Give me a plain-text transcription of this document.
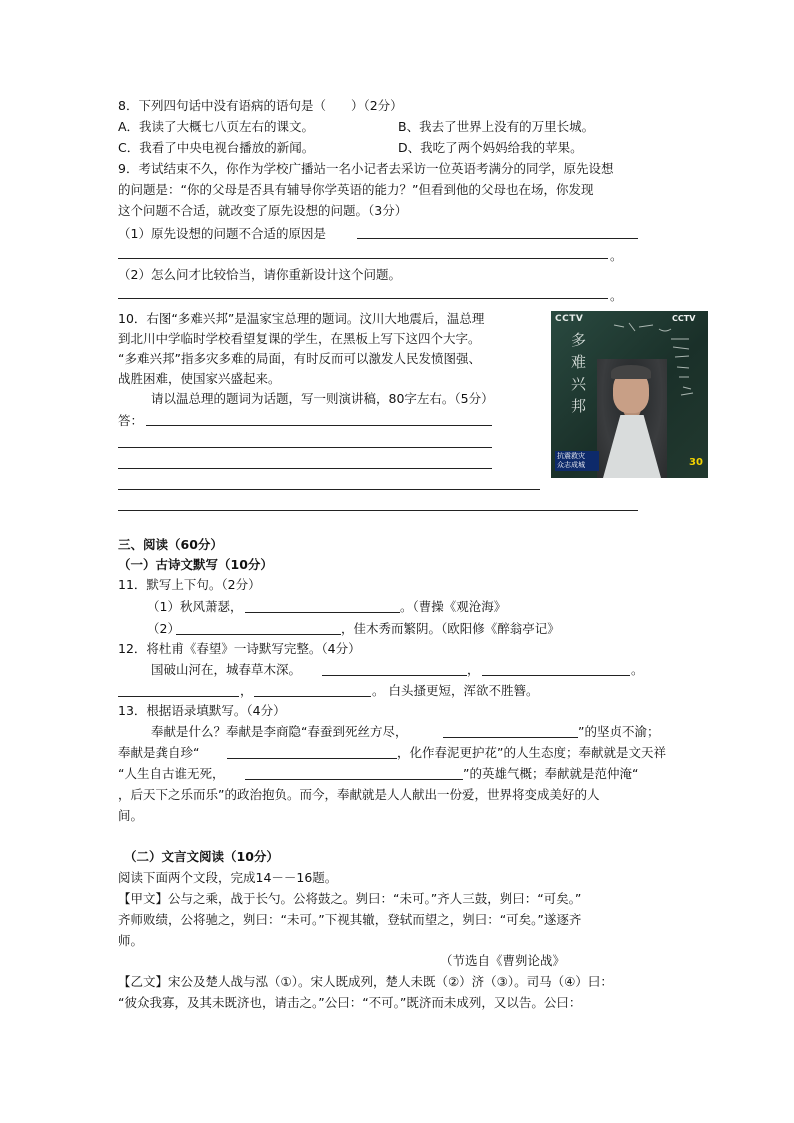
8．下列四句话中没有语病的语句是（　　）（2分）
A．我读了大概七八页左右的课文。	B、我去了世界上没有的万里长城。
C．我看了中央电视台播放的新闻。	D、我吃了两个妈妈给我的苹果。
9．考试结束不久，你作为学校广播站一名小记者去采访一位英语考满分的同学，原先设想
的问题是：“你的父母是否具有辅导你学英语的能力？”但看到他的父母也在场，你发现
这个问题不合适，就改变了原先设想的问题。（3分）
（1）原先设想的问题不合适的原因是
。
（2）怎么问才比较恰当，请你重新设计这个问题。
。
10．右图“多难兴邦”是温家宝总理的题词。汶川大地震后，温总理
到北川中学临时学校看望复课的学生，在黑板上写下这四个大字。
“多难兴邦”指多灾多难的局面，有时反而可以激发人民发愤图强、
战胜困难，使国家兴盛起来。
请以温总理的题词为话题，写一则演讲稿，80字左右。（5分）
答：
CCTV	CCTV
多难兴邦
抗震救灾
众志成城	30
三、阅读（60分）
（一）古诗文默写（10分）
11．默写上下句。（2分）
（1）秋风萧瑟，	。（曹操《观沧海》
（2）	，佳木秀而繁阴。（欧阳修《醉翁亭记》
12．将杜甫《春望》一诗默写完整。（4分）
国破山河在，城春草木深。	，	。
，	。 白头搔更短，浑欲不胜簪。
13．根据语录填默写。（4分）
奉献是什么？奉献是李商隐“春蚕到死丝方尽，	”的坚贞不渝；
奉献是龚自珍“	，化作春泥更护花”的人生态度；奉献就是文天祥
“人生自古谁无死，	”的英雄气概；奉献就是范仲淹“
，后天下之乐而乐”的政治抱负。而今，奉献就是人人献出一份爱，世界将变成美好的人
间。
（二）文言文阅读（10分）
阅读下面两个文段，完成14－－16题。
【甲文】公与之乘，战于长勺。公将鼓之。刿曰：“未可。”齐人三鼓，刿曰：“可矣。”
齐师败绩，公将驰之，刿曰：“未可。”下视其辙，登轼而望之，刿曰：“可矣。”遂逐齐
师。
（节选自《曹刿论战》
【乙文】宋公及楚人战与泓（①）。宋人既成列，楚人未既（②）济（③）。司马（④）曰：
“彼众我寡，及其未既济也，请击之。”公曰：“不可。”既济而未成列，又以告。公曰：
